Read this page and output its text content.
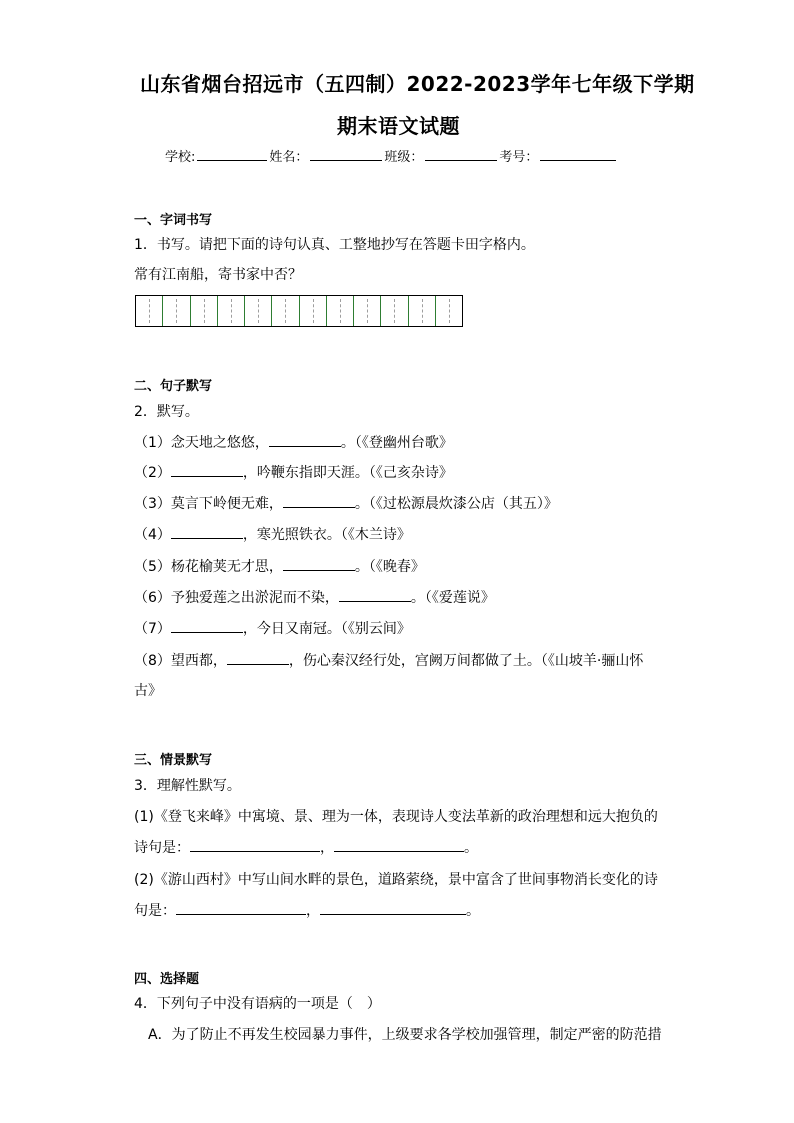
山东省烟台招远市（五四制）2022-2023学年七年级下学期
期末语文试题
学校:	姓名：	班级：	考号：
一、字词书写
1．书写。请把下面的诗句认真、工整地抄写在答题卡田字格内。
常有江南船，寄书家中否？
二、句子默写
2．默写。
（1）念天地之悠悠，	。（《登幽州台歌》
（2）	，吟鞭东指即天涯。（《己亥杂诗》
（3）莫言下岭便无难，	。（《过松源晨炊漆公店（其五）》
（4）	，寒光照铁衣。（《木兰诗》
（5）杨花榆荚无才思，	。（《晚春》
（6）予独爱莲之出淤泥而不染，	。（《爱莲说》
（7）	，今日又南冠。（《别云间》
（8）望西都，	，伤心秦汉经行处，宫阙万间都做了土。（《山坡羊·骊山怀
古》
三、情景默写
3．理解性默写。
(1)《登飞来峰》中寓境、景、理为一体，表现诗人变法革新的政治理想和远大抱负的
诗句是：	，	。
(2)《游山西村》中写山间水畔的景色，道路萦绕，景中富含了世间事物消长变化的诗
句是：	，	。
四、选择题
4．下列句子中没有语病的一项是（　）
A．为了防止不再发生校园暴力事件，上级要求各学校加强管理，制定严密的防范措
